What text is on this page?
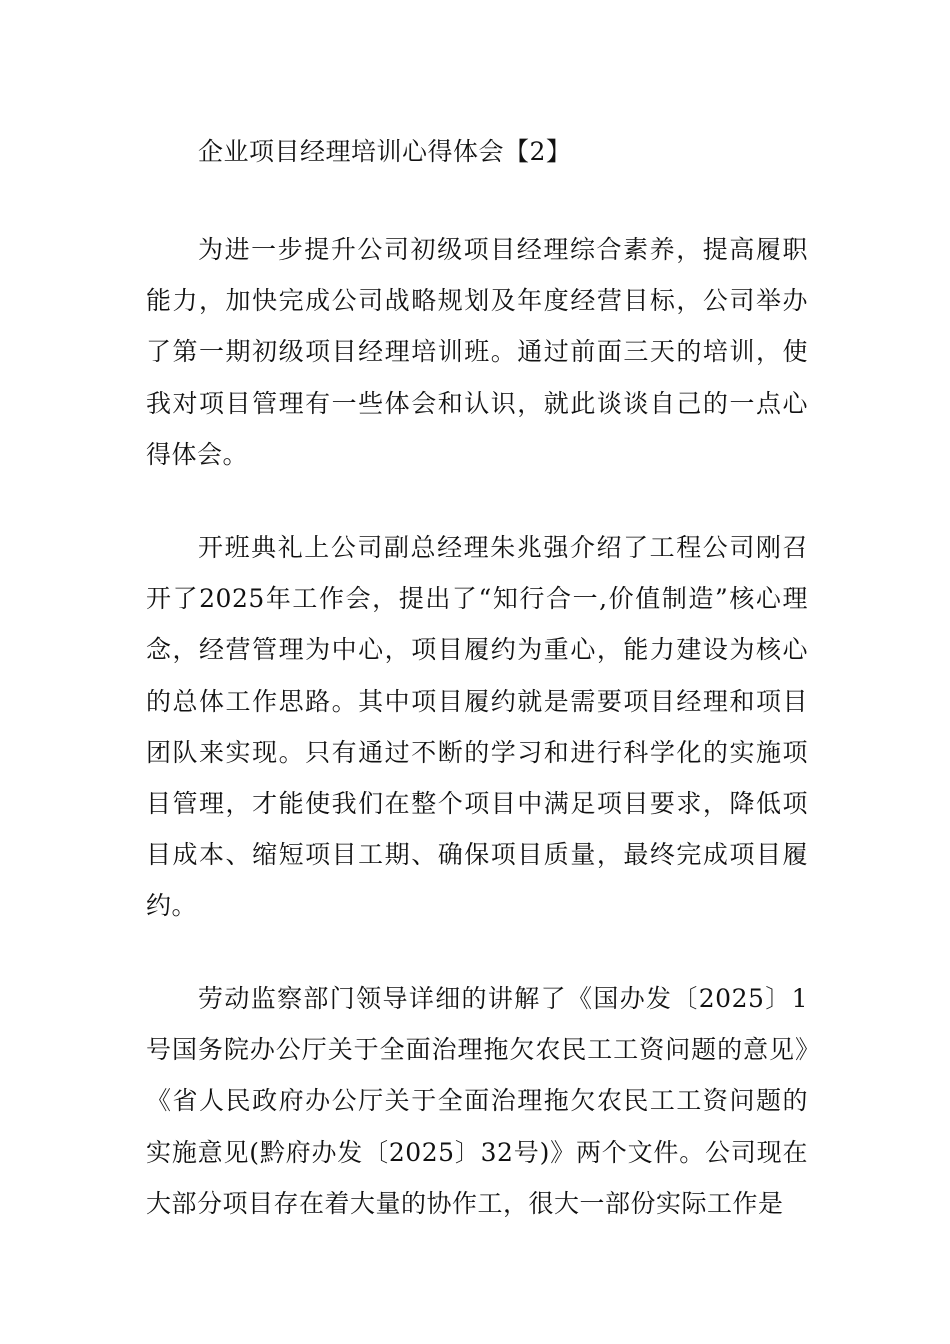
企业项目经理培训心得体会【2】

为进一步提升公司初级项目经理综合素养，提高履职能力，加快完成公司战略规划及年度经营目标，公司举办了第一期初级项目经理培训班。通过前面三天的培训，使我对项目管理有一些体会和认识，就此谈谈自己的一点心得体会。

开班典礼上公司副总经理朱兆强介绍了工程公司刚召开了2025年工作会，提出了“知行合一,价值制造”核心理念，经营管理为中心，项目履约为重心，能力建设为核心的总体工作思路。其中项目履约就是需要项目经理和项目团队来实现。只有通过不断的学习和进行科学化的实施项目管理，才能使我们在整个项目中满足项目要求，降低项目成本、缩短项目工期、确保项目质量，最终完成项目履约。

劳动监察部门领导详细的讲解了《国办发〔2025〕1号国务院办公厅关于全面治理拖欠农民工工资问题的意见》《省人民政府办公厅关于全面治理拖欠农民工工资问题的实施意见(黔府办发〔2025〕32号)》两个文件。公司现在大部分项目存在着大量的协作工，很大一部份实际工作是
